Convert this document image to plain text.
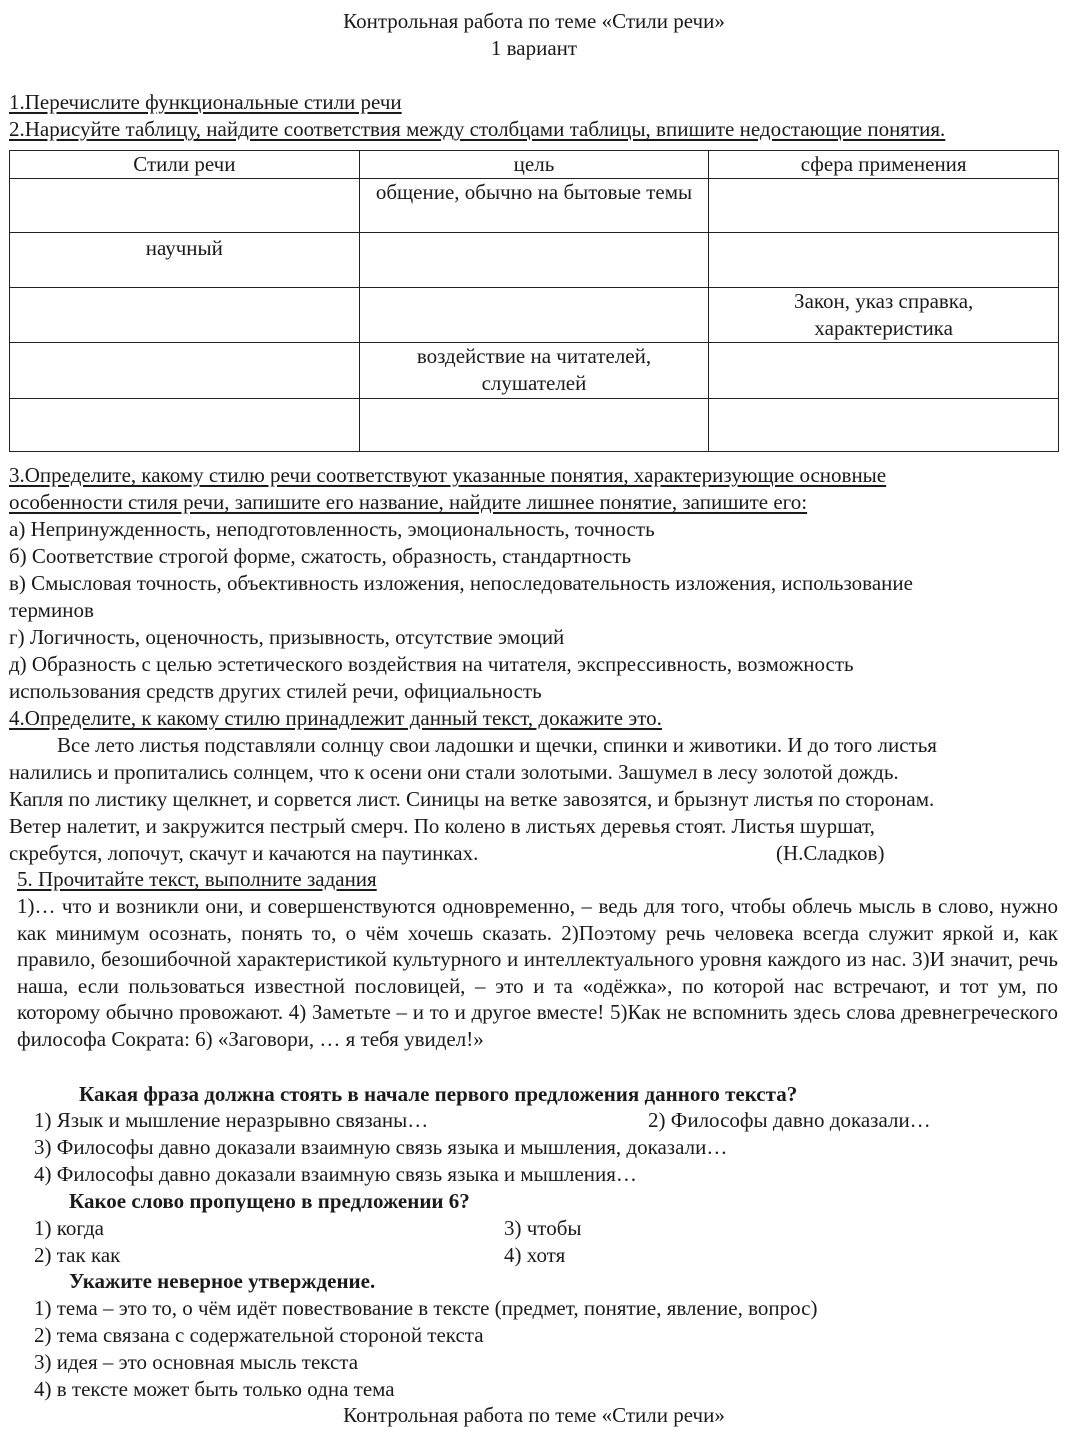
Контрольная работа по теме «Стили речи»
1 вариант
1.Перечислите функциональные стили речи
2.Нарисуйте таблицу, найдите соответствия между столбцами таблицы, впишите недостающие понятия.
Стили речи	цель	сфера применения
	общение, обычно на бытовые темы	
научный		
		Закон, указ справка, характеристика
	воздействие на читателей, слушателей	

3.Определите, какому стилю речи соответствуют указанные понятия, характеризующие основные
особенности стиля речи, запишите его название, найдите лишнее понятие, запишите его:
а) Непринужденность, неподготовленность, эмоциональность, точность
б) Соответствие строгой форме, сжатость, образность, стандартность
в) Смысловая точность, объективность изложения, непоследовательность изложения, использование
терминов
г) Логичность, оценочность, призывность, отсутствие эмоций
д) Образность с целью эстетического воздействия на читателя, экспрессивность, возможность
использования средств других стилей речи, официальность
4.Определите, к какому стилю принадлежит данный текст, докажите это.
Все лето листья подставляли солнцу свои ладошки и щечки, спинки и животики. И до того листья
налились и пропитались солнцем, что к осени они стали золотыми. Зашумел в лесу золотой дождь.
Капля по листику щелкнет, и сорвется лист. Синицы на ветке завозятся, и брызнут листья по сторонам.
Ветер налетит, и закружится пестрый смерч. По колено в листьях деревья стоят. Листья шуршат,
скребутся, лопочут, скачут и качаются на паутинках.	(Н.Сладков)
5. Прочитайте текст, выполните задания
1)… что и возникли они, и совершенствуются одновременно, – ведь для того, чтобы облечь мысль в слово, нужно как минимум осознать, понять то, о чём хочешь сказать. 2)Поэтому речь человека всегда служит яркой и, как правило, безошибочной характеристикой культурного и интеллектуального уровня каждого из нас. 3)И значит, речь наша, если пользоваться известной пословицей, – это и та «одёжка», по которой нас встречают, и тот ум, по которому обычно провожают. 4) Заметьте – и то и другое вместе! 5)Как не вспомнить здесь слова древнегреческого философа Сократа: 6) «Заговори, … я тебя увидел!»
Какая фраза должна стоять в начале первого предложения данного текста?
1) Язык и мышление неразрывно связаны…	2) Философы давно доказали…
3) Философы давно доказали взаимную связь языка и мышления, доказали…
4) Философы давно доказали взаимную связь языка и мышления…
Какое слово пропущено в предложении 6?
1) когда	3) чтобы
2) так как	4) хотя
Укажите неверное утверждение.
1) тема – это то, о чём идёт повествование в тексте (предмет, понятие, явление, вопрос)
2) тема связана с содержательной стороной текста
3) идея – это основная мысль текста
4) в тексте может быть только одна тема
Контрольная работа по теме «Стили речи»
